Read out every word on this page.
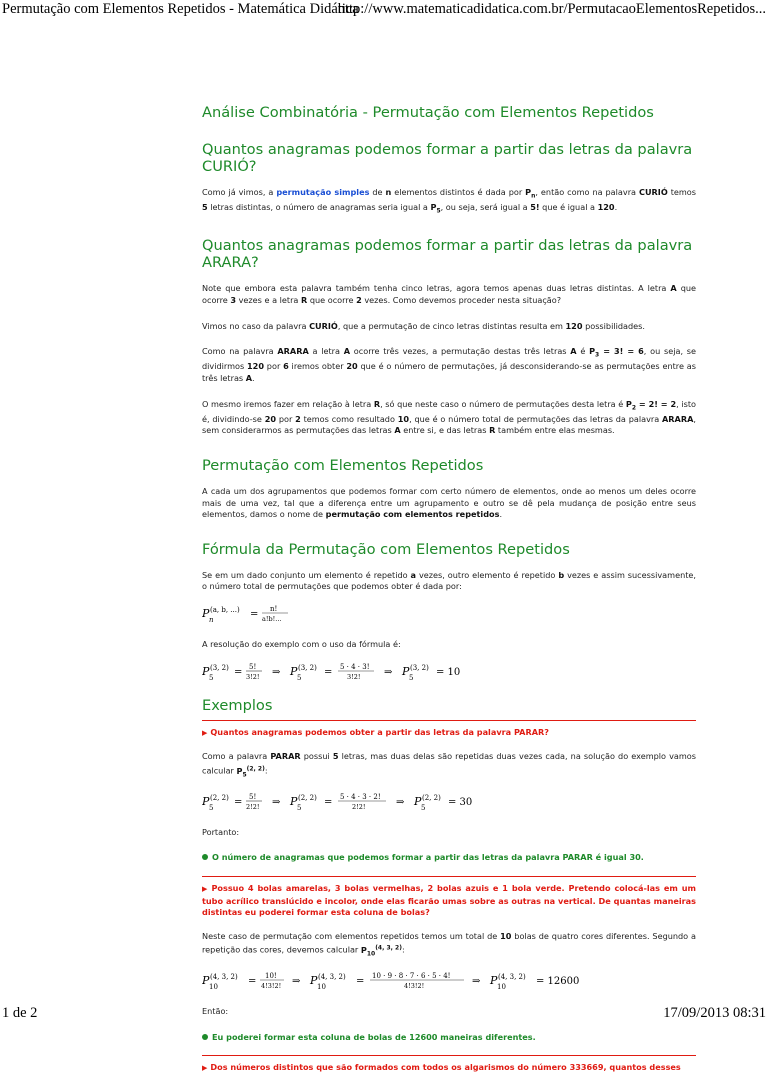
Permutação com Elementos Repetidos - Matemática Didática
http://www.matematicadidatica.com.br/PermutacaoElementosRepetidos...
Análise Combinatória - Permutação com Elementos Repetidos
Quantos anagramas podemos formar a partir das letras da palavra CURIÓ?

Como já vimos, a permutação simples de n elementos distintos é dada por $P_n$, então como na palavra CURIÓ temos 5 letras distintas, o número de anagramas seria igual a $P_5$, ou seja, será igual a 5! que é igual a 120.

Quantos anagramas podemos formar a partir das letras da palavra ARARA?

Note que embora esta palavra também tenha cinco letras, agora temos apenas duas letras distintas. A letra A que ocorre 3 vezes e a letra R que ocorre 2 vezes. Como devemos proceder nesta situação?

Vimos no caso da palavra CURIÓ, que a permutação de cinco letras distintas resulta em 120 possibilidades.

Como na palavra ARARA a letra A ocorre três vezes, a permutação destas três letras A é $P_3 = 3$! = 6, ou seja, se dividirmos 120 por 6 iremos obter 20 que é o número de permutações, já desconsiderando-se as permutações entre as três letras A.

O mesmo iremos fazer em relação à letra R, só que neste caso o número de permutações desta letra é $P_2 = 2$! = 2, isto é, dividindo-se 20 por 2 temos como resultado 10, que é o número total de permutações das letras da palavra ARARA, sem considerarmos as permutações das letras A entre si, e das letras R também entre elas mesmas.

Permutação com Elementos Repetidos

A cada um dos agrupamentos que podemos formar com certo número de elementos, onde ao menos um deles ocorre mais de uma vez, tal que a diferença entre um agrupamento e outro se dê pela mudança de posição entre seus elementos, damos o nome de permutação com elementos repetidos.

Fórmula da Permutação com Elementos Repetidos

Se em um dado conjunto um elemento é repetido a vezes, outro elemento é repetido b vezes e assim sucessivamente, o número total de permutações que podemos obter é dada por:

P n
(a, b, ...) = n!
a!b!...

A resolução do exemplo com o uso da fórmula é:

P 5
(3, 2) = 5!
3!2! ⇒ P 5
(3, 2) = 5 · 4 · 3!
3!2! ⇒ P 5
(3, 2) = 10
Exemplos
▶ Quantos anagramas podemos obter a partir das letras da palavra PARAR?

Como a palavra PARAR possui 5 letras, mas duas delas são repetidas duas vezes cada, na solução do exemplo vamos calcular $P_5^{(2, 2)}$:

P 5
(2, 2) = 5!
2!2! ⇒ P 5
(2, 2) = 5 · 4 · 3 · 2!
2!2!	⇒ P 5
(2, 2) = 30

Portanto:

O número de anagramas que podemos formar a partir das letras da palavra PARAR é igual 30.
▶ Possuo 4 bolas amarelas, 3 bolas vermelhas, 2 bolas azuis e 1 bola verde. Pretendo colocá-las em um tubo acrílico translúcido e incolor, onde elas ficarão umas sobre as outras na vertical. De quantas maneiras distintas eu poderei formar esta coluna de bolas?

Neste caso de permutação com elementos repetidos temos um total de 10 bolas de quatro cores diferentes. Segundo a repetição das cores, devemos calcular $P_{10}^{(4, 3, 2)}$:

P 10
(4, 3, 2) = 10!
4!3!2! ⇒ P 10
(4, 3, 2) = 10 · 9 · 8 · 7 · 6 · 5 · 4!
4!3!2!	⇒ P 10
(4, 3, 2) = 12600

Então:

Eu poderei formar esta coluna de bolas de 12600 maneiras diferentes.
▶ Dos números distintos que são formados com todos os algarismos do número 333669, quantos desses
1 de 2	17/09/2013 08:31
